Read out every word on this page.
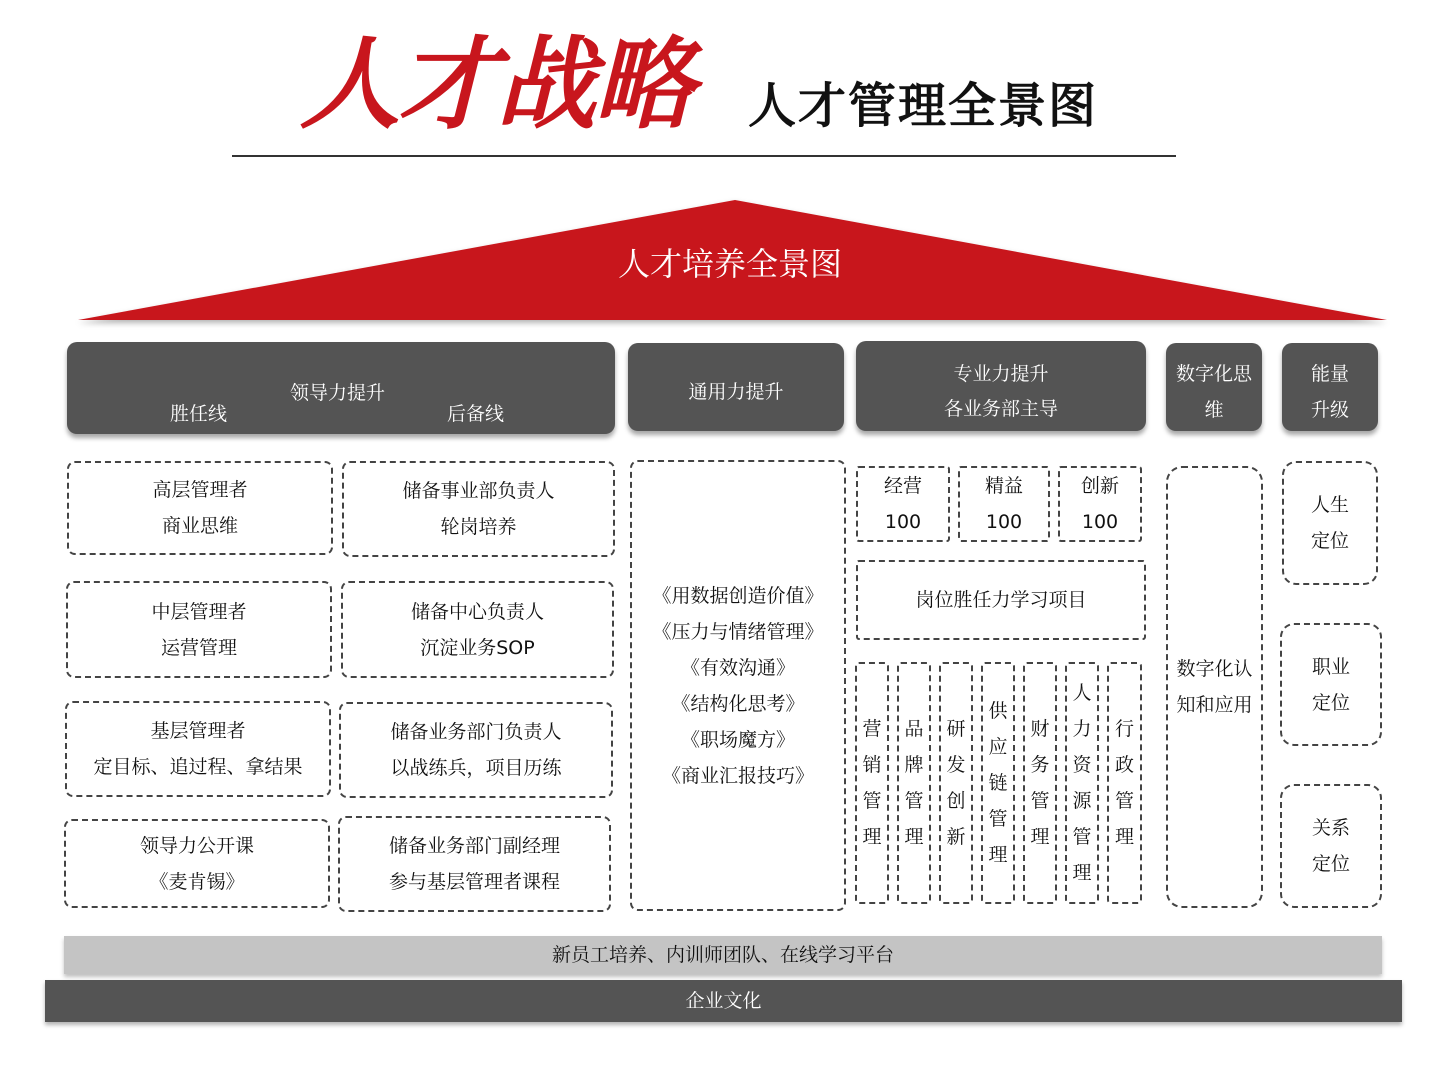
人才战略 人才管理全景图
人才培养全景图
领导力提升
胜任线	后备线
通用力提升
专业力提升
各业务部主导
数字化思
维
能量
升级
高层管理者
商业思维
中层管理者
运营管理
基层管理者
定目标、追过程、拿结果
领导力公开课
《麦肯锡》
储备事业部负责人
轮岗培养
储备中心负责人
沉淀业务SOP
储备业务部门负责人
以战练兵，项目历练
储备业务部门副经理
参与基层管理者课程
《用数据创造价值》
《压力与情绪管理》
《有效沟通》
《结构化思考》
《职场魔方》
《商业汇报技巧》
经营
100
精益
100
创新
100
岗位胜任力学习项目
营
销
管
理
品
牌
管
理
研
发
创
新
供
应
链
管
理
财
务
管
理
人
力
资
源
管
理
行
政
管
理
数字化认
知和应用
人生
定位
职业
定位
关系
定位
新员工培养、内训师团队、在线学习平台
企业文化
